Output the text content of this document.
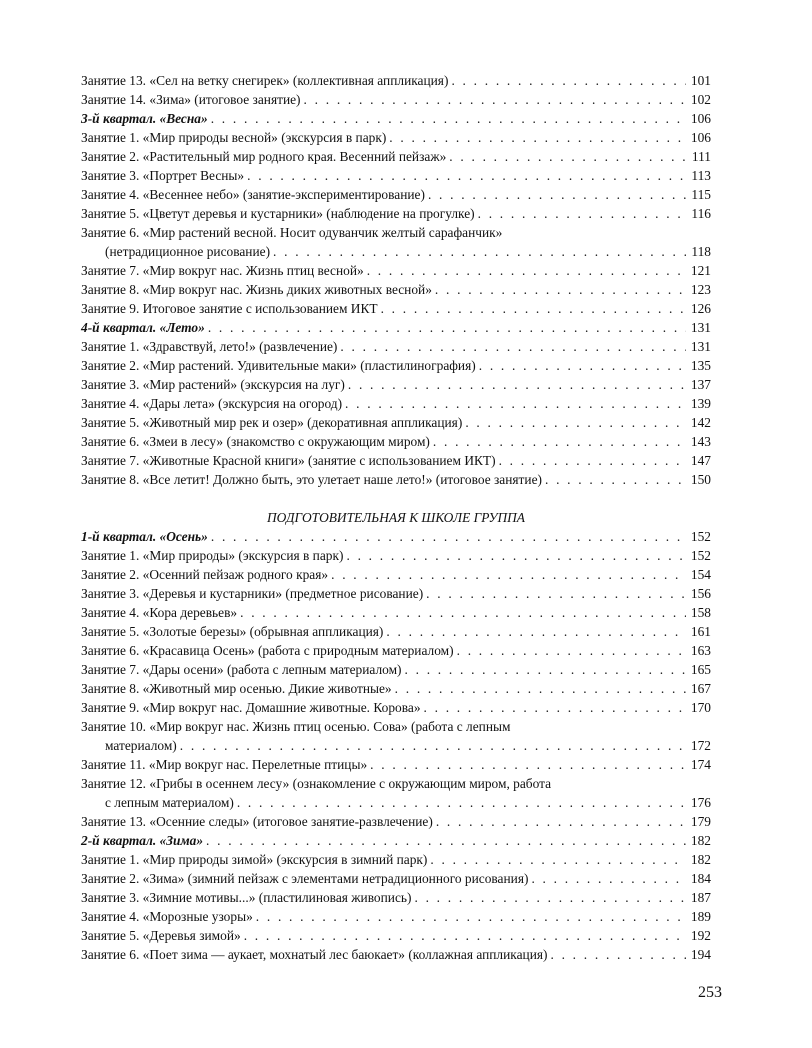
Занятие 13. «Сел на ветку снегирек» (коллективная аппликация) . . .	101
Занятие 14. «Зима» (итоговое занятие) . . .	102
3-й квартал. «Весна» . . .	106
Занятие 1. «Мир природы весной» (экскурсия в парк) . . .	106
Занятие 2. «Растительный мир родного края. Весенний пейзаж» . . .	111
Занятие 3. «Портрет Весны» . . .	113
Занятие 4. «Весеннее небо» (занятие-экспериментирование) . . .	115
Занятие 5. «Цветут деревья и кустарники» (наблюдение на прогулке) . . .	116
Занятие 6. «Мир растений весной. Носит одуванчик желтый сарафанчик»
(нетрадиционное рисование) . . .	118
Занятие 7. «Мир вокруг нас. Жизнь птиц весной» . . .	121
Занятие 8. «Мир вокруг нас. Жизнь диких животных весной» . . .	123
Занятие 9. Итоговое занятие с использованием ИКТ . . .	126
4-й квартал. «Лето» . . .	131
Занятие 1. «Здравствуй, лето!» (развлечение) . . .	131
Занятие 2. «Мир растений. Удивительные маки» (пластилинография) . . .	135
Занятие 3. «Мир растений» (экскурсия на луг) . . .	137
Занятие 4. «Дары лета» (экскурсия на огород) . . .	139
Занятие 5. «Животный мир рек и озер» (декоративная аппликация) . . .	142
Занятие 6. «Змеи в лесу» (знакомство с окружающим миром) . . .	143
Занятие 7. «Животные Красной книги» (занятие с использованием ИКТ) . . .	147
Занятие 8. «Все летит! Должно быть, это улетает наше лето!» (итоговое занятие) . . .	150
ПОДГОТОВИТЕЛЬНАЯ К ШКОЛЕ ГРУППА
1-й квартал. «Осень» . . .	152
Занятие 1. «Мир природы» (экскурсия в парк) . . .	152
Занятие 2. «Осенний пейзаж родного края» . . .	154
Занятие 3. «Деревья и кустарники» (предметное рисование) . . .	156
Занятие 4. «Кора деревьев» . . .	158
Занятие 5. «Золотые березы» (обрывная аппликация) . . .	161
Занятие 6. «Красавица Осень» (работа с природным материалом) . . .	163
Занятие 7. «Дары осени» (работа с лепным материалом) . . .	165
Занятие 8. «Животный мир осенью. Дикие животные» . . .	167
Занятие 9. «Мир вокруг нас. Домашние животные. Корова» . . .	170
Занятие 10. «Мир вокруг нас. Жизнь птиц осенью. Сова» (работа с лепным
материалом) . . .	172
Занятие 11. «Мир вокруг нас. Перелетные птицы» . . .	174
Занятие 12. «Грибы в осеннем лесу» (ознакомление с окружающим миром, работа
с лепным материалом) . . .	176
Занятие 13. «Осенние следы» (итоговое занятие-развлечение) . . .	179
2-й квартал. «Зима» . . .	182
Занятие 1. «Мир природы зимой» (экскурсия в зимний парк) . . .	182
Занятие 2. «Зима» (зимний пейзаж с элементами нетрадиционного рисования) . . .	184
Занятие 3. «Зимние мотивы...» (пластилиновая живопись) . . .	187
Занятие 4. «Морозные узоры» . . .	189
Занятие 5. «Деревья зимой» . . .	192
Занятие 6. «Поет зима — аукает, мохнатый лес баюкает» (коллажная аппликация) . . .	194
253
